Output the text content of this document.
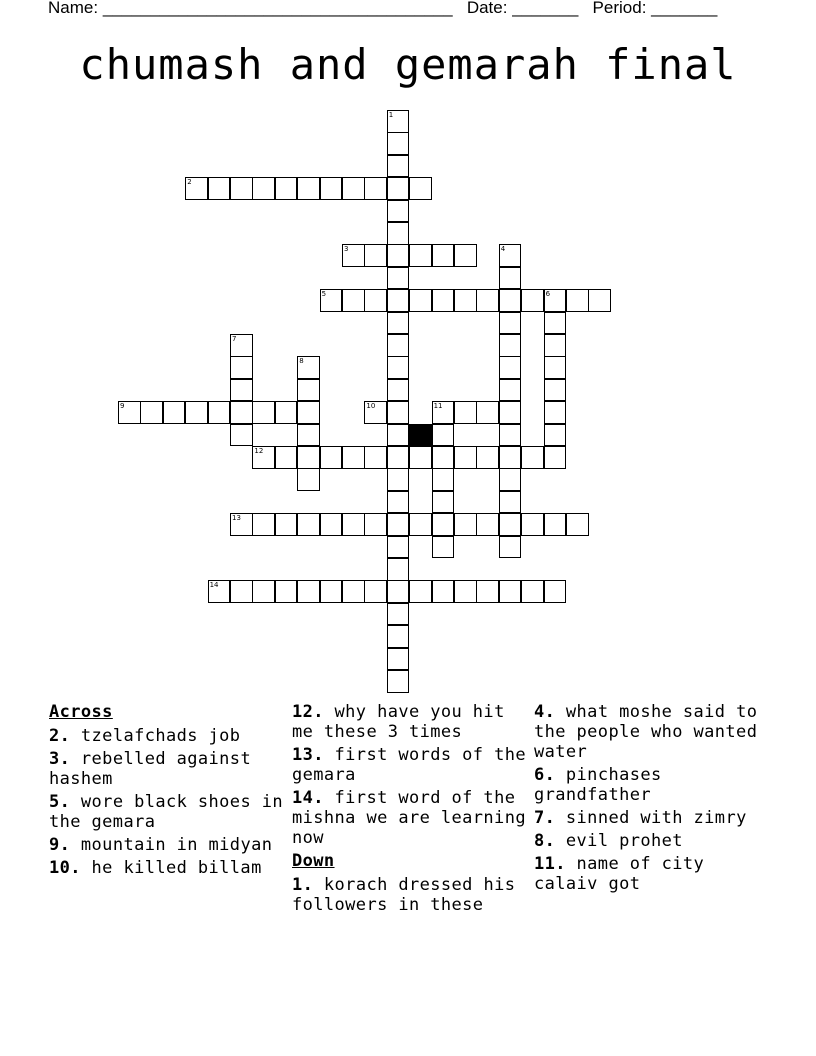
Name: _____________________________________ Date: _______ Period: _______
chumash and gemarah final
1
2
3	4
5	6
7
8
9	10	11
12
13
14
Across
2. tzelafchads job
3. rebelled against hashem
5. wore black shoes in the gemara
9. mountain in midyan
10. he killed billam
12. why have you hit me these 3 times
13. first words of the gemara
14. first word of the mishna we are learning now
Down
1. korach dressed his followers in these
4. what moshe said to the people who wanted water
6. pinchases grandfather
7. sinned with zimry
8. evil prohet
11. name of city calaiv got
